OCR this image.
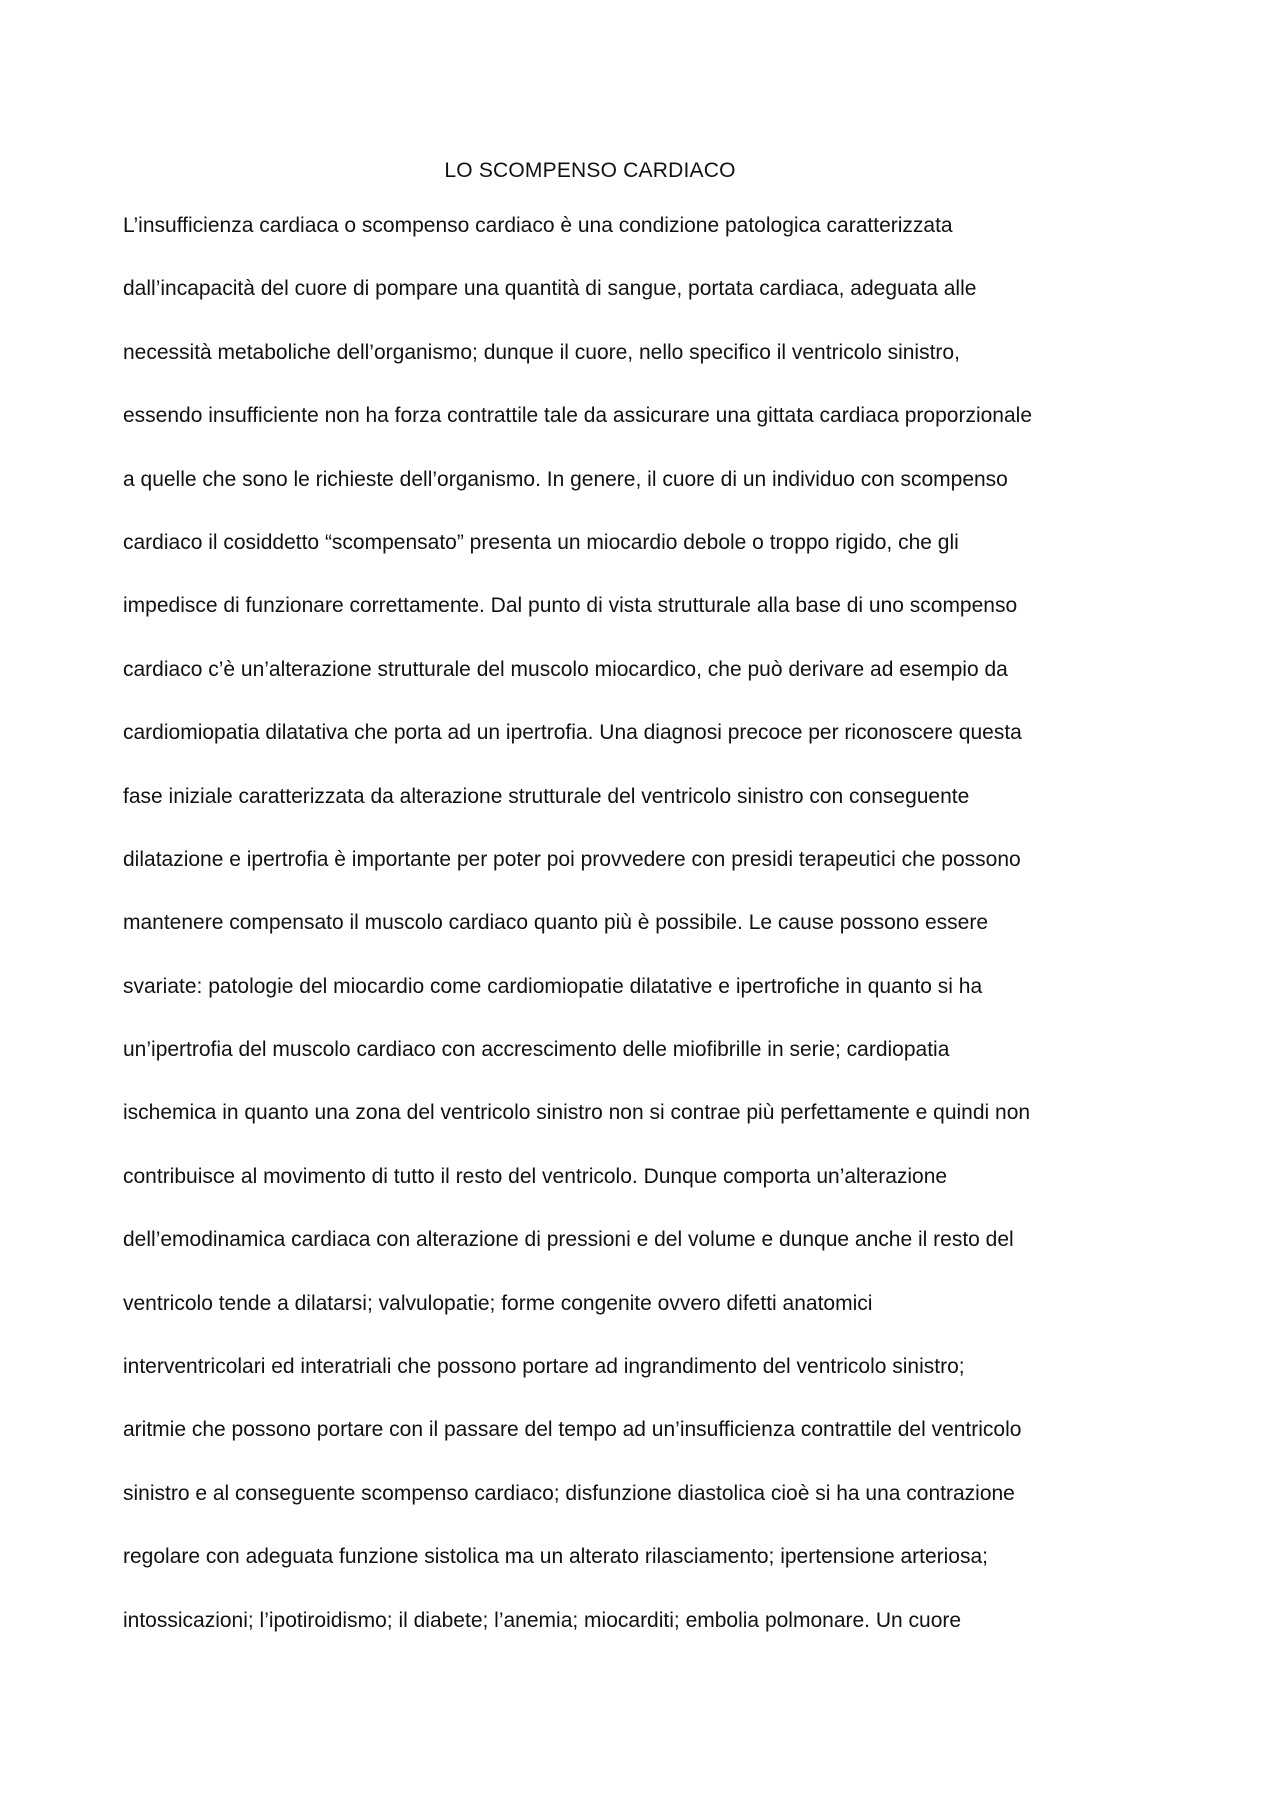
LO SCOMPENSO CARDIACO
L’insufficienza cardiaca o scompenso cardiaco è una condizione patologica caratterizzata
dall’incapacità del cuore di pompare una quantità di sangue, portata cardiaca, adeguata alle
necessità metaboliche dell’organismo; dunque il cuore, nello specifico il ventricolo sinistro,
essendo insufficiente non ha forza contrattile tale da assicurare una gittata cardiaca proporzionale
a quelle che sono le richieste dell’organismo. In genere, il cuore di un individuo con scompenso
cardiaco il cosiddetto “scompensato” presenta un miocardio debole o troppo rigido, che gli
impedisce di funzionare correttamente. Dal punto di vista strutturale alla base di uno scompenso
cardiaco c’è un’alterazione strutturale del muscolo miocardico, che può derivare ad esempio da
cardiomiopatia dilatativa che porta ad un ipertrofia. Una diagnosi precoce per riconoscere questa
fase iniziale caratterizzata da alterazione strutturale del ventricolo sinistro con conseguente
dilatazione e ipertrofia è importante per poter poi provvedere con presidi terapeutici che possono
mantenere compensato il muscolo cardiaco quanto più è possibile. Le cause possono essere
svariate: patologie del miocardio come cardiomiopatie dilatative e ipertrofiche in quanto si ha
un’ipertrofia del muscolo cardiaco con accrescimento delle miofibrille in serie; cardiopatia
ischemica in quanto una zona del ventricolo sinistro non si contrae più perfettamente e quindi non
contribuisce al movimento di tutto il resto del ventricolo. Dunque comporta un’alterazione
dell’emodinamica cardiaca con alterazione di pressioni e del volume e dunque anche il resto del
ventricolo tende a dilatarsi; valvulopatie; forme congenite ovvero difetti anatomici
interventricolari ed interatriali che possono portare ad ingrandimento del ventricolo sinistro;
aritmie che possono portare con il passare del tempo ad un’insufficienza contrattile del ventricolo
sinistro e al conseguente scompenso cardiaco; disfunzione diastolica cioè si ha una contrazione
regolare con adeguata funzione sistolica ma un alterato rilasciamento; ipertensione arteriosa;
intossicazioni; l’ipotiroidismo; il diabete; l’anemia; miocarditi; embolia polmonare. Un cuore
